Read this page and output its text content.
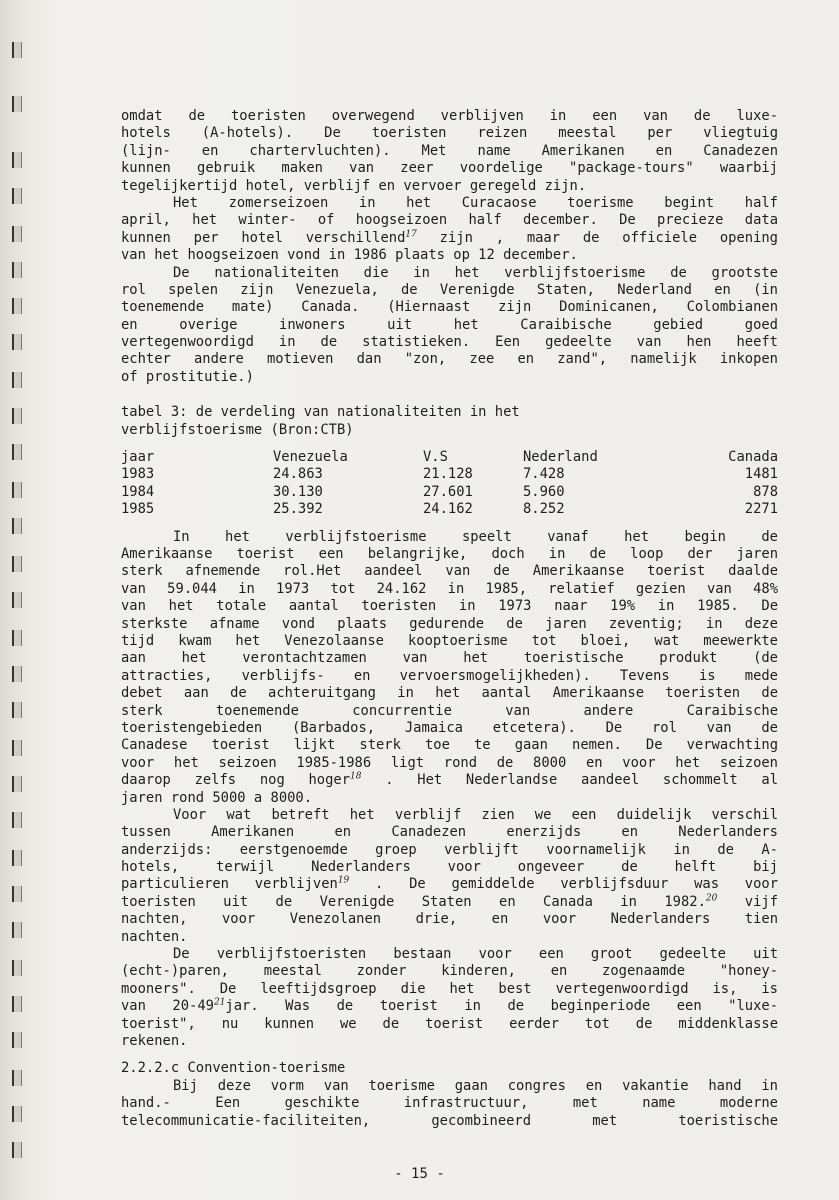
omdat de toeristen overwegend verblijven in een van de luxe-

hotels (A-hotels). De toeristen reizen meestal per vliegtuig

(lijn- en chartervluchten). Met name Amerikanen en Canadezen

kunnen gebruik maken van zeer voordelige "package-tours" waarbij

tegelijkertijd hotel, verblijf en vervoer geregeld zijn.

Het zomerseizoen in het Curacaose toerisme begint half

april, het winter- of hoogseizoen half december. De precieze data

kunnen per hotel verschillend$^{17}$ zijn , maar de officiele opening

van het hoogseizoen vond in 1986 plaats op 12 december.

De nationaliteiten die in het verblijfstoerisme de grootste

rol spelen zijn Venezuela, de Verenigde Staten, Nederland en (in

toenemende mate) Canada. (Hiernaast zijn Dominicanen, Colombianen

en overige inwoners uit het Caraibische gebied goed

vertegenwoordigd in de statistieken. Een gedeelte van hen heeft

echter andere motieven dan "zon, zee en zand", namelijk inkopen

of prostitutie.)

tabel 3: de verdeling van nationaliteiten in het

verblijfstoerisme (Bron:CTB)

jaar	Venezuela	V.S	Nederland	Canada
1983	24.863	21.128	7.428	1481
1984	30.130	27.601	5.960	878
1985	25.392	24.162	8.252	2271

In het verblijfstoerisme speelt vanaf het begin de

Amerikaanse toerist een belangrijke, doch in de loop der jaren

sterk afnemende rol.Het aandeel van de Amerikaanse toerist daalde

van 59.044 in 1973 tot 24.162 in 1985, relatief gezien van 48%

van het totale aantal toeristen in 1973 naar 19% in 1985. De

sterkste afname vond plaats gedurende de jaren zeventig; in deze

tijd kwam het Venezolaanse kooptoerisme tot bloei, wat meewerkte

aan het verontachtzamen van het toeristische produkt (de

attracties, verblijfs- en vervoersmogelijkheden). Tevens is mede

debet aan de achteruitgang in het aantal Amerikaanse toeristen de

sterk toenemende concurrentie van andere Caraibische

toeristengebieden (Barbados, Jamaica etcetera). De rol van de

Canadese toerist lijkt sterk toe te gaan nemen. De verwachting

voor het seizoen 1985-1986 ligt rond de 8000 en voor het seizoen

daarop zelfs nog hoger$^{18}$ . Het Nederlandse aandeel schommelt al

jaren rond 5000 a 8000.

Voor wat betreft het verblijf zien we een duidelijk verschil

tussen Amerikanen en Canadezen enerzijds en Nederlanders

anderzijds: eerstgenoemde groep verblijft voornamelijk in de A-

hotels, terwijl Nederlanders voor ongeveer de helft bij

particulieren verblijven$^{19}$ . De gemiddelde verblijfsduur was voor

toeristen uit de Verenigde Staten en Canada in 1982.20 vijf

nachten, voor Venezolanen drie, en voor Nederlanders tien

nachten.

De verblijfstoeristen bestaan voor een groot gedeelte uit

(echt-)paren, meestal zonder kinderen, en zogenaamde "honey-

mooners". De leeftijdsgroep die het best vertegenwoordigd is, is

van $20-49^{21}jar$. Was de toerist in de beginperiode een "luxe-

toerist", nu kunnen we de toerist eerder tot de middenklasse

rekenen.

2.2.2.c Convention-toerisme

Bij deze vorm van toerisme gaan congres en vakantie hand in

hand.- Een geschikte infrastructuur, met name moderne

telecommunicatie-faciliteiten, gecombineerd met toeristische

- 15 -
